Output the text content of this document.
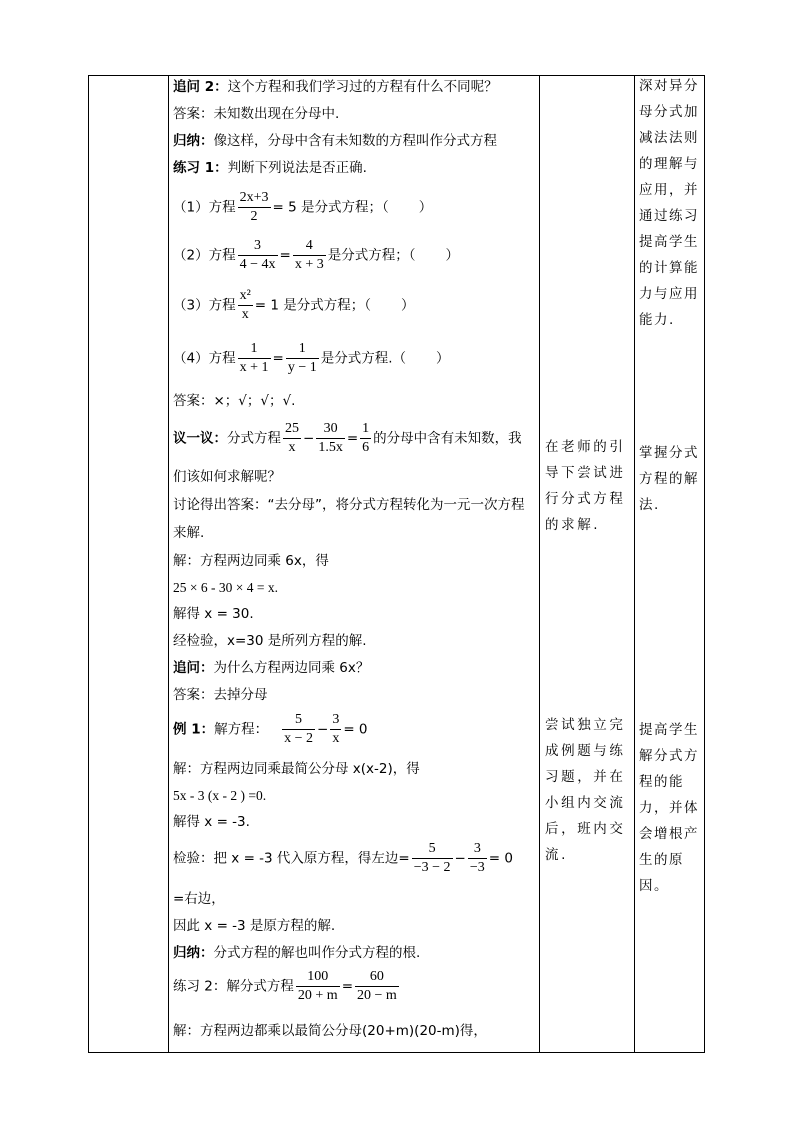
追问 2：这个方程和我们学习过的方程有什么不同呢？
答案：未知数出现在分母中.
归纳：像这样，分母中含有未知数的方程叫作分式方程
练习 1：判断下列说法是否正确.
（1）方程 $\frac{2x+3}{2} = 5$ 是分式方程；（ ）
（2）方程 $\frac{3}{4 - 4x} = \frac{4}{x + 3}$ 是分式方程；（ ）
（3）方程 $\frac{\text{x²}}{x} = 1$ 是分式方程；（ ）
（4）方程 $\frac{1}{x + 1} = \frac{1}{y - 1}$ 是分式方程.（ ）
答案：×；√；√；√.
议一议：分式方程 $\frac{25}{x} - \frac{30}{1.5x} = \frac{1}{6}$ 的分母中含有未知数，我
们该如何求解呢？
讨论得出答案：“去分母”，将分式方程转化为一元一次方程
来解.
解：方程两边同乘 6x，得
25 × 6 - 30 × 4 = x.
解得 x = 30.
经检验，x=30 是所列方程的解.
追问：为什么方程两边同乘 6x？
答案：去掉分母
例 1：解方程： $\frac{5}{x - 2} - \frac{3}{x} = 0$
解：方程两边同乘最简公分母 x(x-2)，得
5x - 3 (x - 2 ) =0.
解得 x = -3.
检验：把 x = -3 代入原方程，得左边= $\frac{5}{-3 - 2} - \frac{3}{-3} = 0$
=右边，
因此 x = -3 是原方程的解.
归纳：分式方程的解也叫作分式方程的根.
练习 2：解分式方程 $\frac{100}{20 + m} = \frac{60}{20 - m}$
解：方程两边都乘以最简公分母(20+m)(20-m)得，
在老师的引导下尝试进行分式方程的求解.
尝试独立完成例题与练习题，并在小组内交流后，班内交流.
深对异分母分式加减法法则的理解与应用，并通过练习提高学生的计算能力与应用能力.
掌握分式方程的解法.
提高学生解分式方程的能力，并体会增根产生的原因。
